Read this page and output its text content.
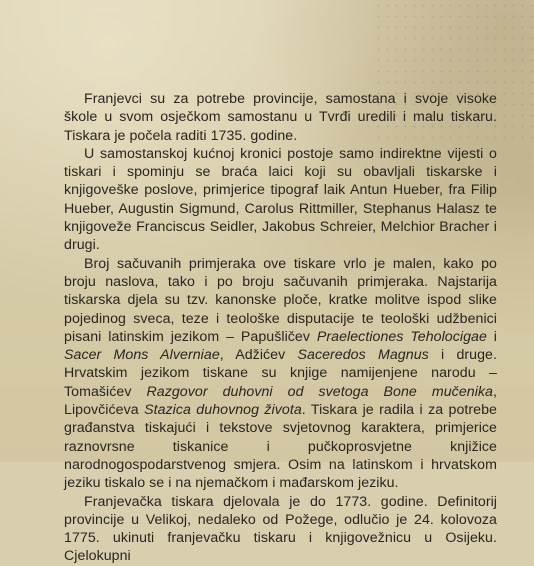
Franjevci su za potrebe provincije, samostana i svoje visoke škole u svom osječkom samostanu u Tvrđi uredili i malu tiskaru. Tiskara je počela raditi 1735. godine.

U samostanskoj kućnoj kronici postoje samo indirektne vijesti o tiskari i spominju se braća laici koji su obavljali tiskarske i knjigoveške poslove, primjerice tipograf laik Antun Hueber, fra Filip Hueber, Augustin Sigmund, Carolus Rittmiller, Stephanus Halasz te knjigoveže Franciscus Seidler, Jakobus Schreier, Melchior Bracher i drugi.

Broj sačuvanih primjeraka ove tiskare vrlo je malen, kako po broju naslova, tako i po broju sačuvanih primjeraka. Najstarija tiskarska djela su tzv. kanonske ploče, kratke molitve ispod slike pojedinog sveca, teze i teološke disputacije te teološki udžbenici pisani latinskim jezikom – Papušličev Praelectiones Teholocigae i Sacer Mons Alverniae, Adžićev Saceredos Magnus i druge. Hrvatskim jezikom tiskane su knjige namijenjene narodu – Tomašićev Razgovor duhovni od svetoga Bone mučenika, Lipovčićeva Stazica duhovnog života. Tiskara je radila i za potrebe građanstva tiskajući i tekstove svjetovnog karaktera, primjerice raznovrsne tiskanice i pučkoprosvjetne knjižice narodnogospodarstvenog smjera. Osim na latinskom i hrvatskom jeziku tiskalo se i na njemačkom i mađarskom jeziku.

Franjevačka tiskara djelovala je do 1773. godine. Definitorij provincije u Velikoj, nedaleko od Požege, odlučio je 24. kolovoza 1775. ukinuti franjevačku tiskaru i knjigovežnicu u Osijeku. Cjelokupni
